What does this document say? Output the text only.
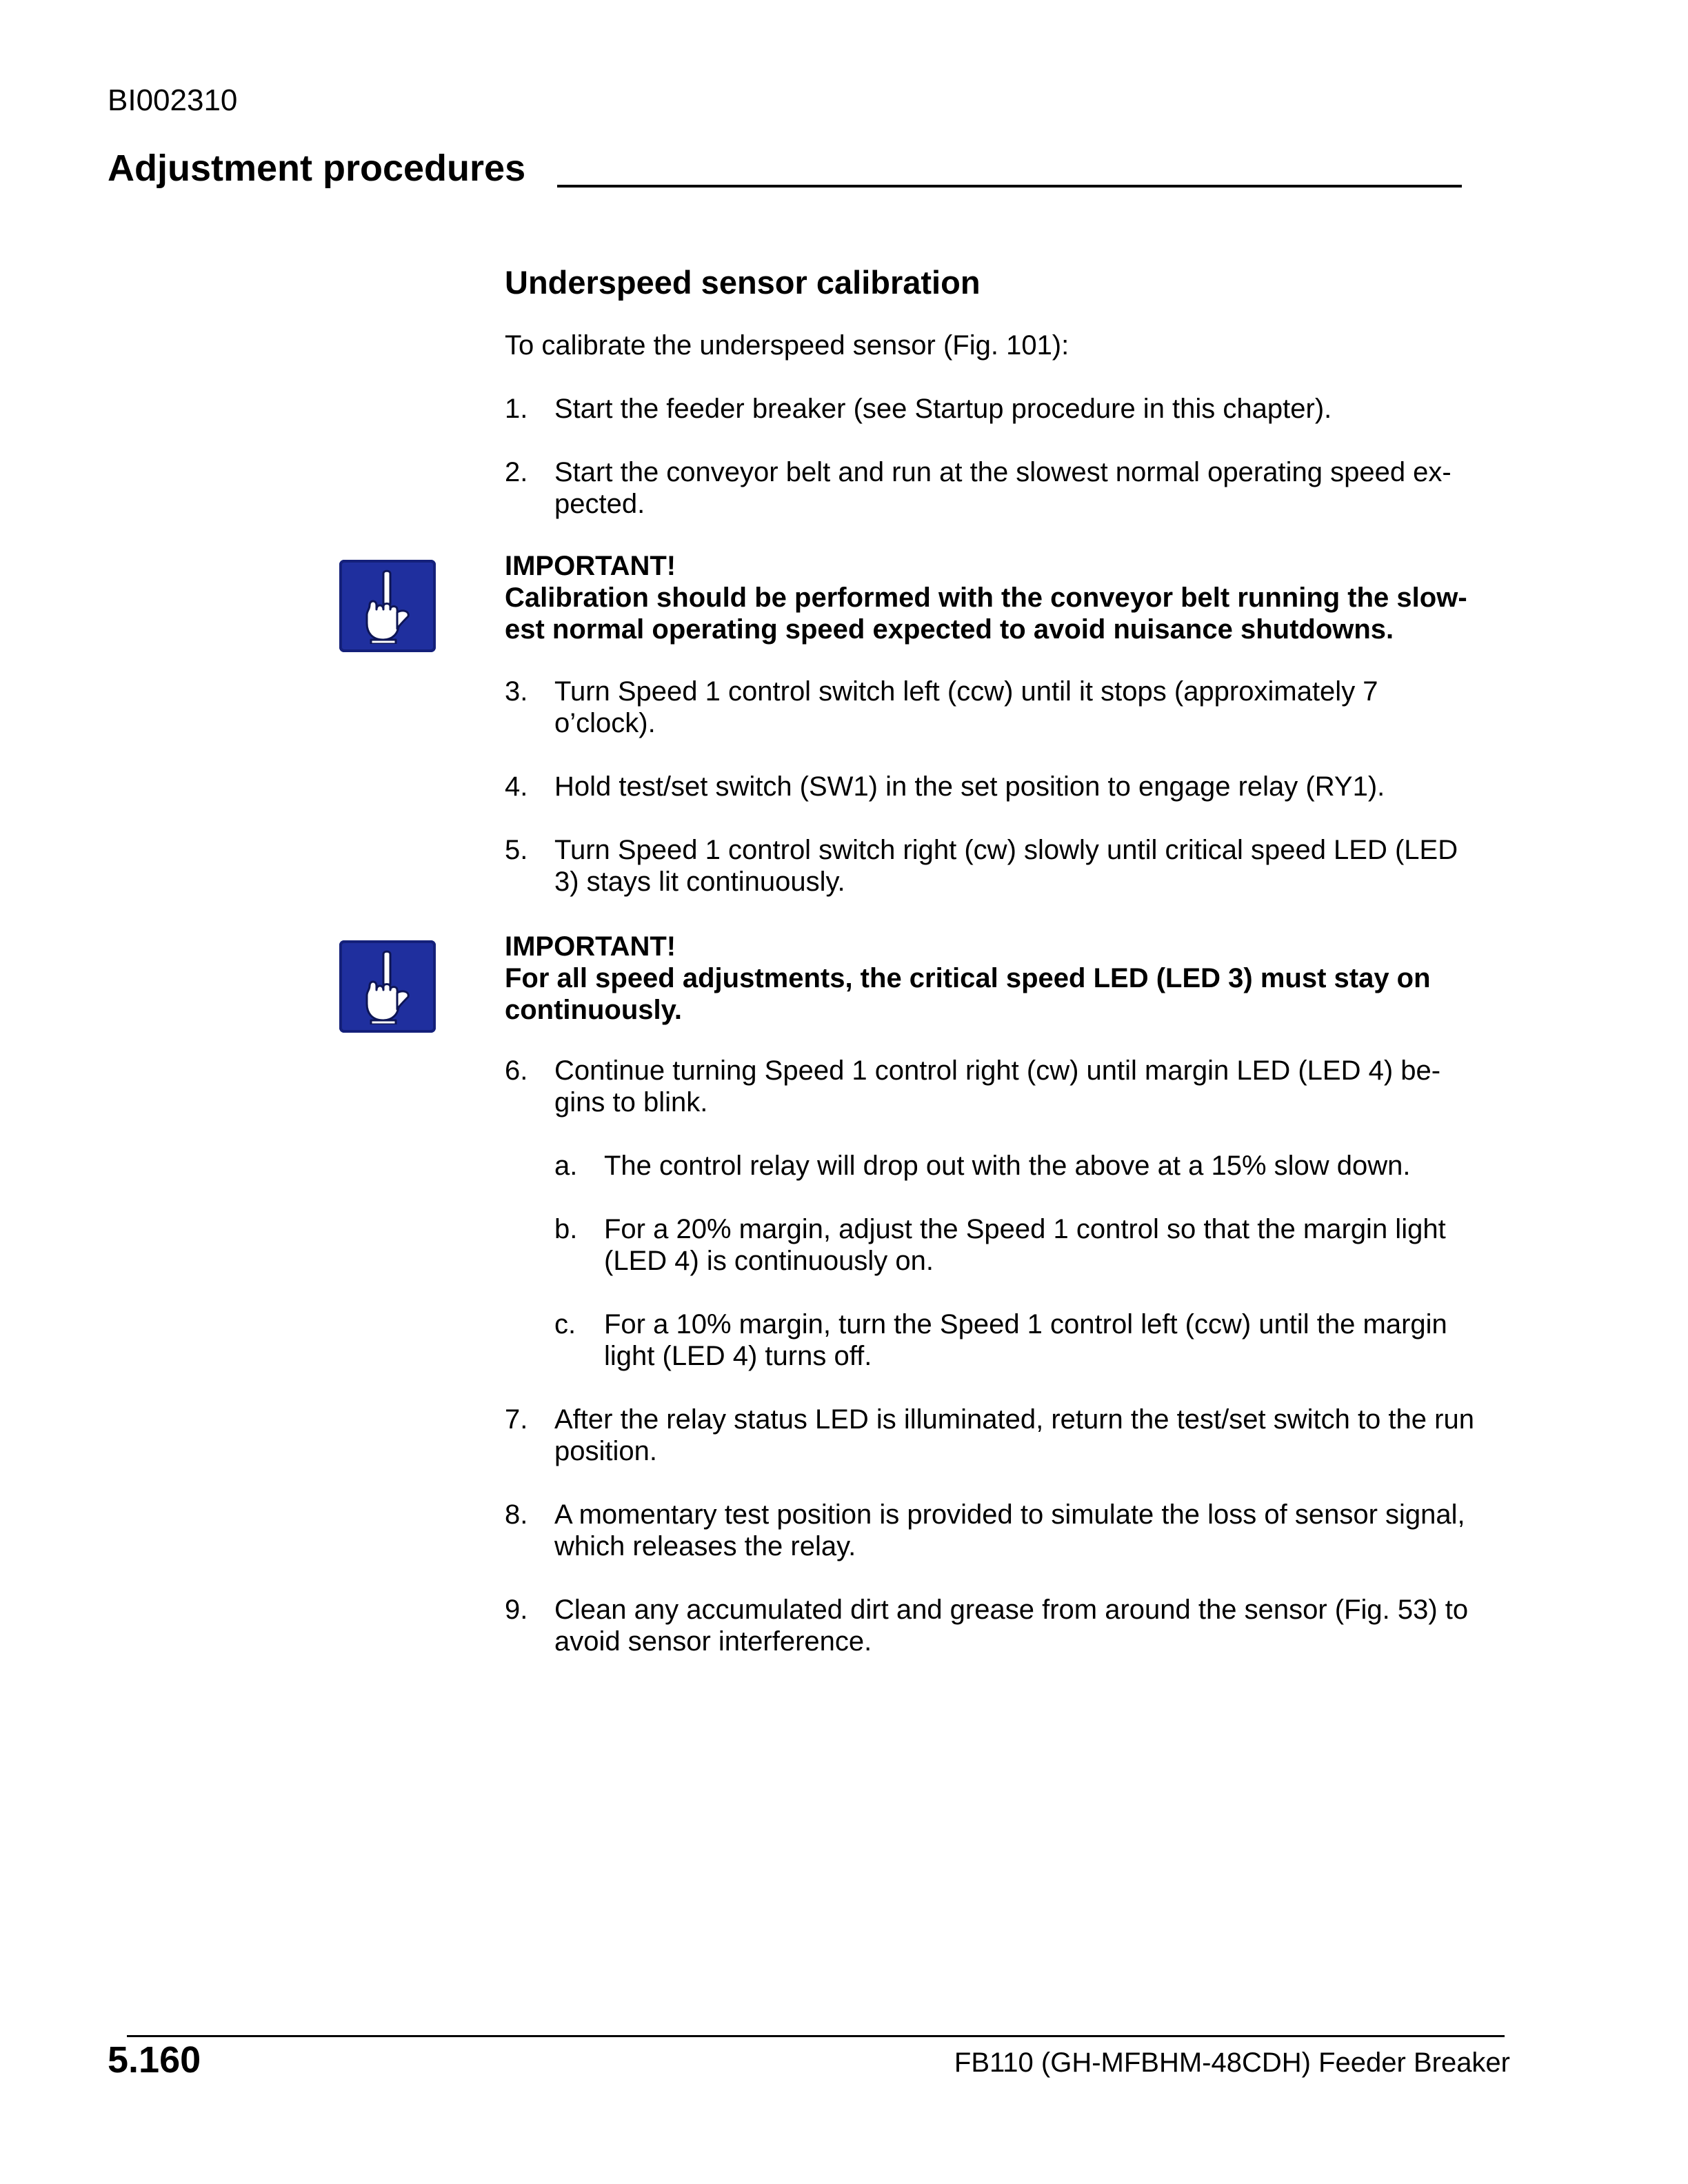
BI002310
Adjustment procedures
Underspeed sensor calibration
To calibrate the underspeed sensor (Fig. 101):
1. Start the feeder breaker (see Startup procedure in this chapter).
2. Start the conveyor belt and run at the slowest normal operating speed ex-pected.
IMPORTANT!
Calibration should be performed with the conveyor belt running the slow-est normal operating speed expected to avoid nuisance shutdowns.
3. Turn Speed 1 control switch left (ccw) until it stops (approximately 7 o’clock).
4. Hold test/set switch (SW1) in the set position to engage relay (RY1).
5. Turn Speed 1 control switch right (cw) slowly until critical speed LED (LED 3) stays lit continuously.
IMPORTANT!
For all speed adjustments, the critical speed LED (LED 3) must stay on continuously.
6. Continue turning Speed 1 control right (cw) until margin LED (LED 4) be-gins to blink.
a. The control relay will drop out with the above at a 15% slow down.
b. For a 20% margin, adjust the Speed 1 control so that the margin light (LED 4) is continuously on.
c.	For a 10% margin, turn the Speed 1 control left (ccw) until the margin light (LED 4) turns off.
7. After the relay status LED is illuminated, return the test/set switch to the run position.
8. A momentary test position is provided to simulate the loss of sensor signal, which releases the relay.
9. Clean any accumulated dirt and grease from around the sensor (Fig. 53) to avoid sensor interference.
5.160	FB110 (GH-MFBHM-48CDH) Feeder Breaker
